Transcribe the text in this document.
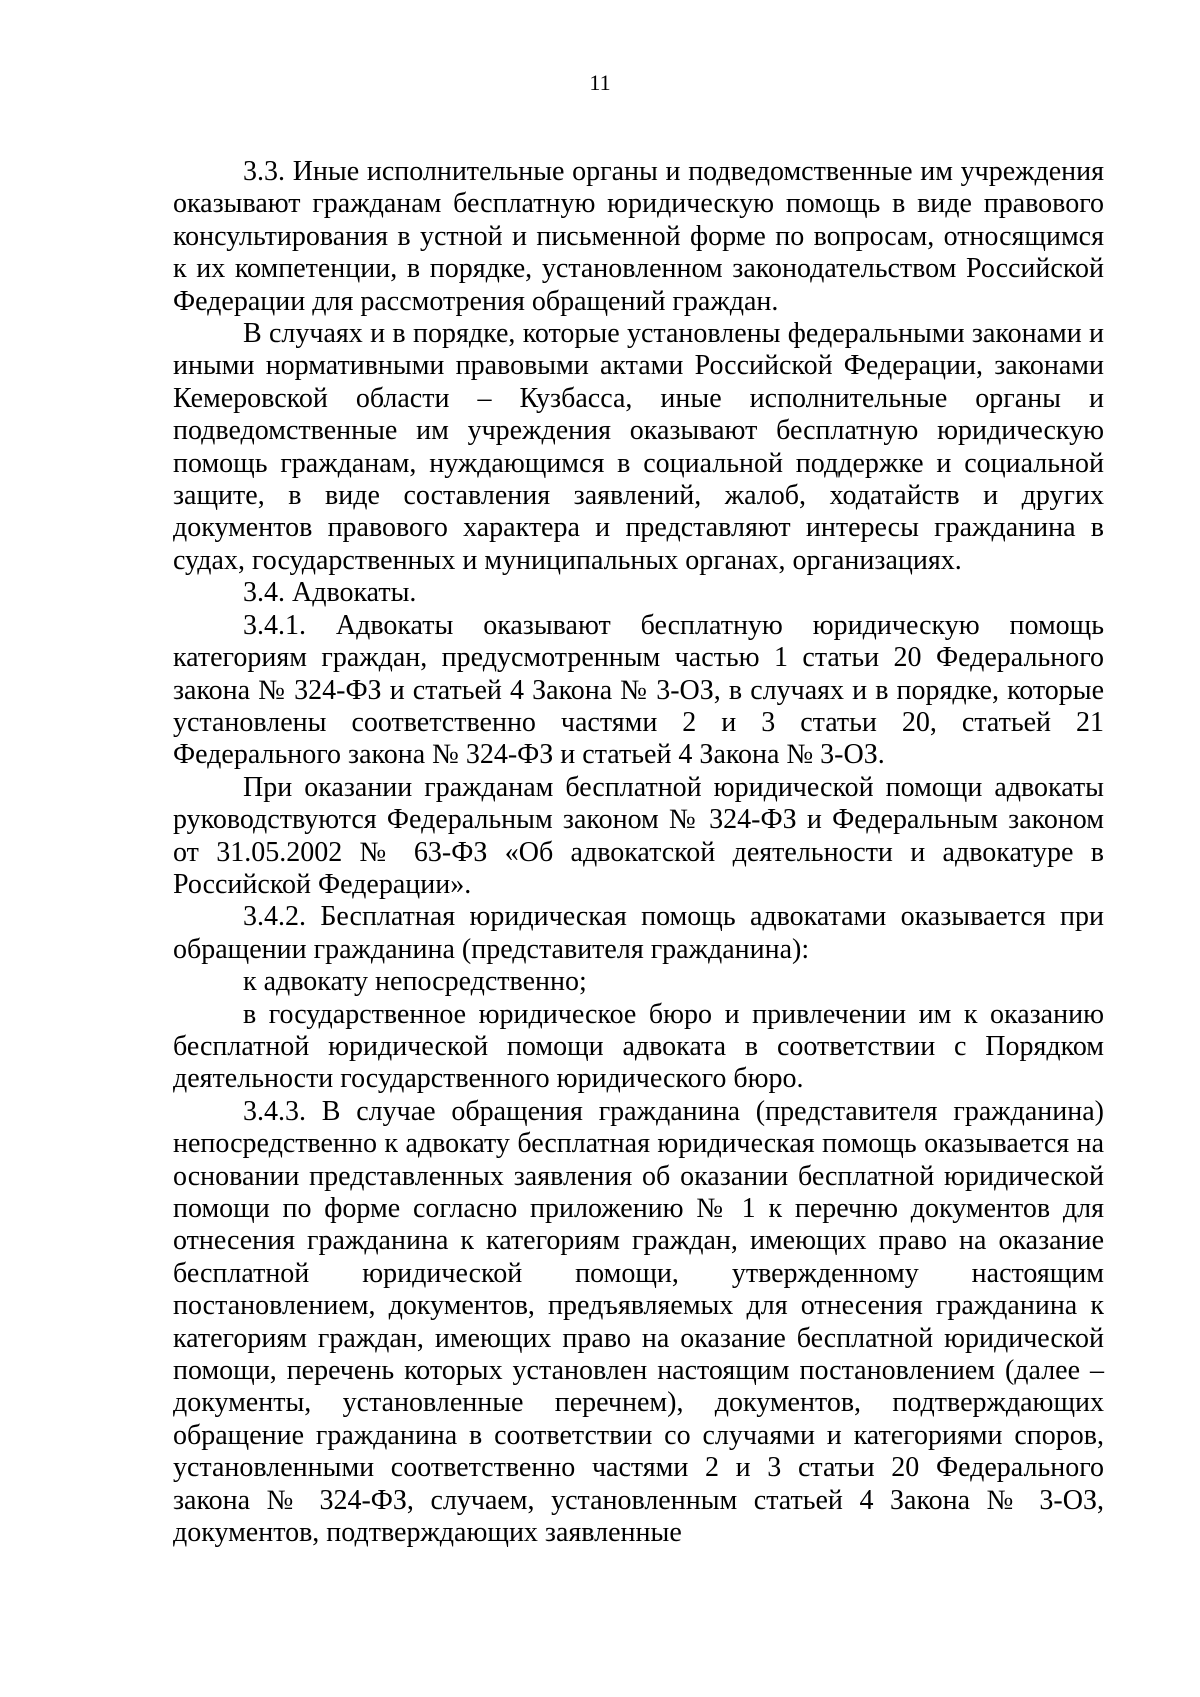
11

3.3. Иные исполнительные органы и подведомственные им учреждения оказывают гражданам бесплатную юридическую помощь в виде правового консультирования в устной и письменной форме по вопросам, относящимся к их компетенции, в порядке, установленном законодательством Российской Федерации для рассмотрения обращений граждан.

В случаях и в порядке, которые установлены федеральными законами и иными нормативными правовыми актами Российской Федерации, законами Кемеровской области – Кузбасса, иные исполнительные органы и подведомственные им учреждения оказывают бесплатную юридическую помощь гражданам, нуждающимся в социальной поддержке и социальной защите, в виде составления заявлений, жалоб, ходатайств и других документов правового характера и представляют интересы гражданина в судах, государственных и муниципальных органах, организациях.

3.4. Адвокаты.

3.4.1. Адвокаты оказывают бесплатную юридическую помощь категориям граждан, предусмотренным частью 1 статьи 20 Федерального закона № 324-ФЗ и статьей 4 Закона № 3-ОЗ, в случаях и в порядке, которые установлены соответственно частями 2 и 3 статьи 20, статьей 21 Федерального закона № 324-ФЗ и статьей 4 Закона № 3-ОЗ.

При оказании гражданам бесплатной юридической помощи адвокаты руководствуются Федеральным законом № 324-ФЗ и Федеральным законом от 31.05.2002 № 63-ФЗ «Об адвокатской деятельности и адвокатуре в Российской Федерации».

3.4.2. Бесплатная юридическая помощь адвокатами оказывается при обращении гражданина (представителя гражданина):

к адвокату непосредственно;

в государственное юридическое бюро и привлечении им к оказанию бесплатной юридической помощи адвоката в соответствии с Порядком деятельности государственного юридического бюро.

3.4.3. В случае обращения гражданина (представителя гражданина) непосредственно к адвокату бесплатная юридическая помощь оказывается на основании представленных заявления об оказании бесплатной юридической помощи по форме согласно приложению № 1 к перечню документов для отнесения гражданина к категориям граждан, имеющих право на оказание бесплатной юридической помощи, утвержденному настоящим постановлением, документов, предъявляемых для отнесения гражданина к категориям граждан, имеющих право на оказание бесплатной юридической помощи, перечень которых установлен настоящим постановлением (далее – документы, установленные перечнем), документов, подтверждающих обращение гражданина в соответствии со случаями и категориями споров, установленными соответственно частями 2 и 3 статьи 20 Федерального закона № 324-ФЗ, случаем, установленным статьей 4 Закона № 3-ОЗ, документов, подтверждающих заявленные
